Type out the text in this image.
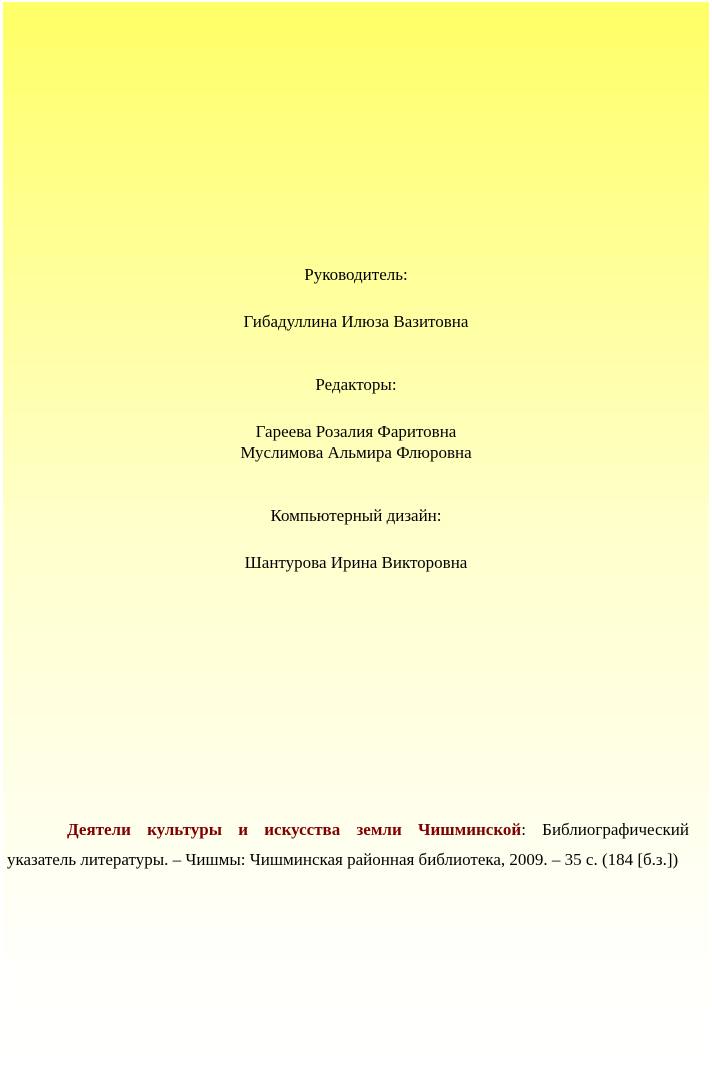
Руководитель:
Гибадуллина Илюза Вазитовна
Редакторы:
Гареева Розалия Фаритовна
Муслимова Альмира Флюровна
Компьютерный дизайн:
Шантурова Ирина Викторовна

Деятели культуры и искусства земли Чишминской: Библиографический указатель литературы. – Чишмы: Чишминская районная библиотека, 2009. – 35 с. (184 [б.з.])
